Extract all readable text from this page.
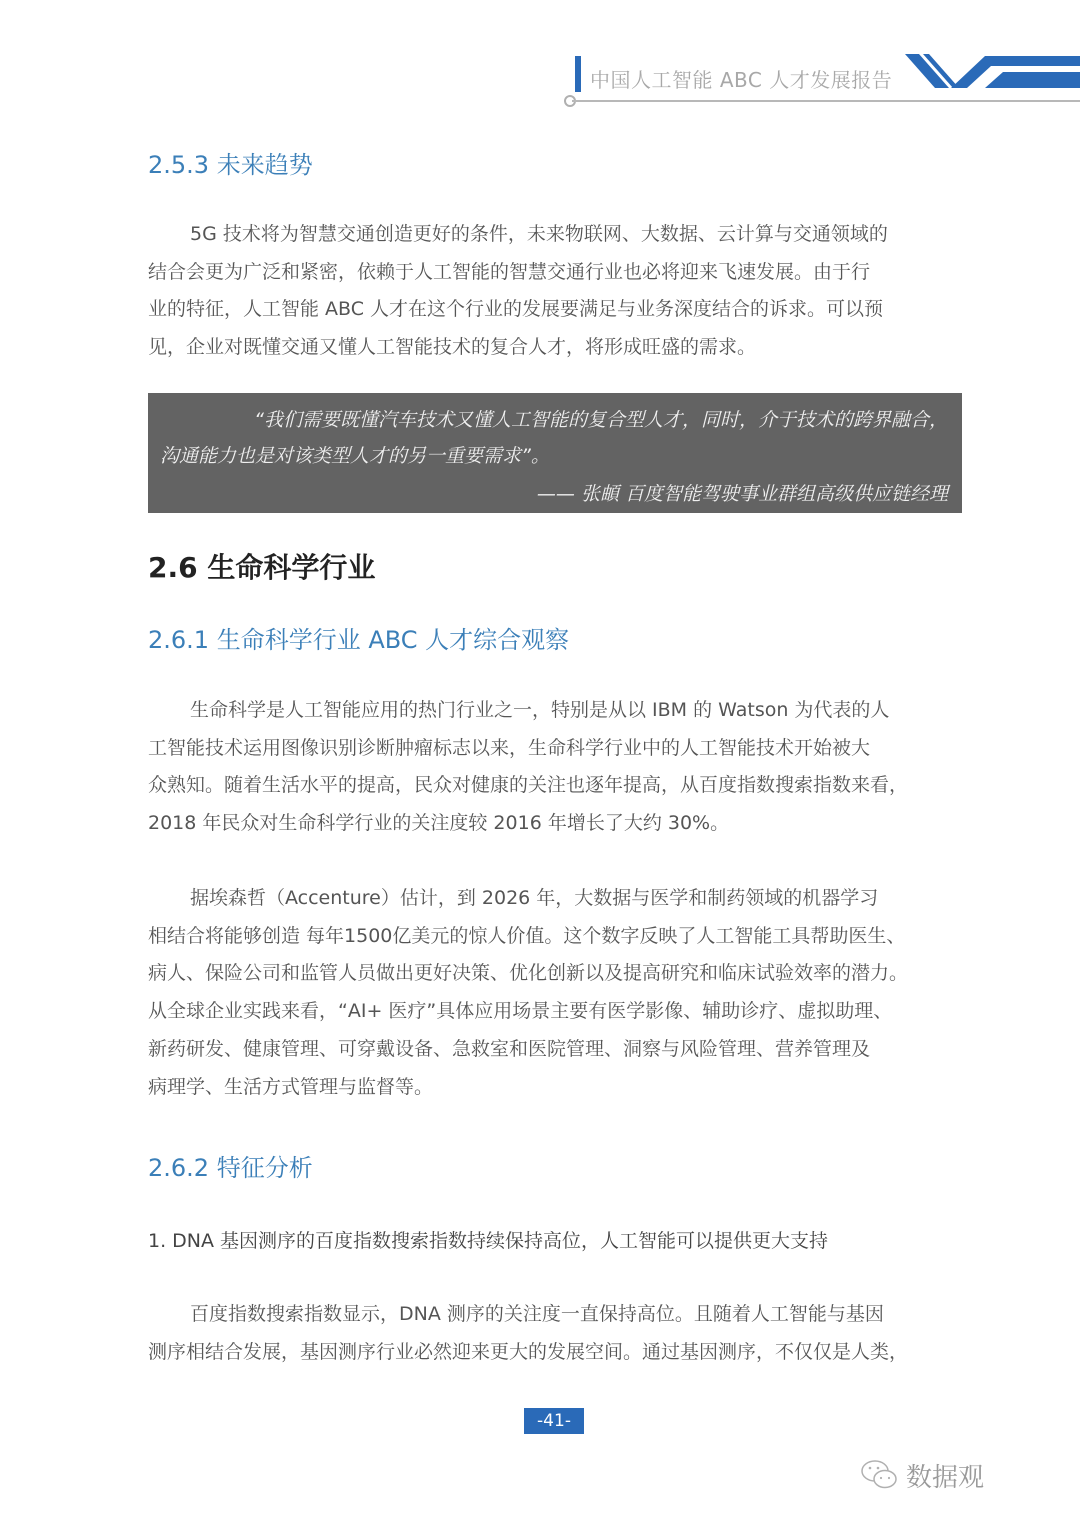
中国人工智能 ABC 人才发展报告
2.5.3 未来趋势
5G 技术将为智慧交通创造更好的条件，未来物联网、大数据、云计算与交通领域的
结合会更为广泛和紧密，依赖于人工智能的智慧交通行业也必将迎来飞速发展。由于行
业的特征，人工智能 ABC 人才在这个行业的发展要满足与业务深度结合的诉求。可以预
见，企业对既懂交通又懂人工智能技术的复合人才，将形成旺盛的需求。
“我们需要既懂汽车技术又懂人工智能的复合型人才，同时，介于技术的跨界融合，
沟通能力也是对该类型人才的另一重要需求”。
—— 张頔 百度智能驾驶事业群组高级供应链经理
2.6 生命科学行业
2.6.1 生命科学行业 ABC 人才综合观察
生命科学是人工智能应用的热门行业之一，特别是从以 IBM 的 Watson 为代表的人
工智能技术运用图像识别诊断肿瘤标志以来，生命科学行业中的人工智能技术开始被大
众熟知。随着生活水平的提高，民众对健康的关注也逐年提高，从百度指数搜索指数来看，
2018 年民众对生命科学行业的关注度较 2016 年增长了大约 30%。
据埃森哲（Accenture）估计，到 2026 年，大数据与医学和制药领域的机器学习
相结合将能够创造 每年1500亿美元的惊人价值。这个数字反映了人工智能工具帮助医生、
病人、保险公司和监管人员做出更好决策、优化创新以及提高研究和临床试验效率的潜力。
从全球企业实践来看，“AI+ 医疗”具体应用场景主要有医学影像、辅助诊疗、虚拟助理、
新药研发、健康管理、可穿戴设备、急救室和医院管理、洞察与风险管理、营养管理及
病理学、生活方式管理与监督等。
2.6.2 特征分析
1. DNA 基因测序的百度指数搜索指数持续保持高位，人工智能可以提供更大支持
百度指数搜索指数显示，DNA 测序的关注度一直保持高位。且随着人工智能与基因
测序相结合发展，基因测序行业必然迎来更大的发展空间。通过基因测序，不仅仅是人类，
-41-
数据观
